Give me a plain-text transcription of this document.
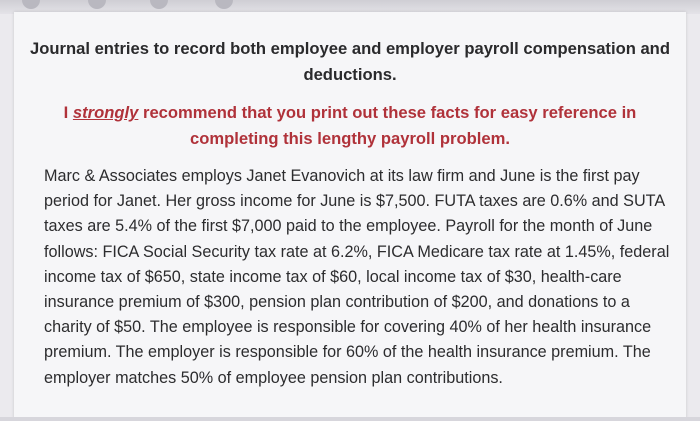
Journal entries to record both employee and employer payroll compensation and deductions.
I strongly recommend that you print out these facts for easy reference in completing this lengthy payroll problem.
Marc & Associates employs Janet Evanovich at its law firm and June is the first pay period for Janet. Her gross income for June is $7,500. FUTA taxes are 0.6% and SUTA taxes are 5.4% of the first $7,000 paid to the employee. Payroll for the month of June follows: FICA Social Security tax rate at 6.2%, FICA Medicare tax rate at 1.45%, federal income tax of $650, state income tax of $60, local income tax of $30, health-care insurance premium of $300, pension plan contribution of $200, and donations to a charity of $50. The employee is responsible for covering 40% of her health insurance premium. The employer is responsible for 60% of the health insurance premium. The employer matches 50% of employee pension plan contributions.
